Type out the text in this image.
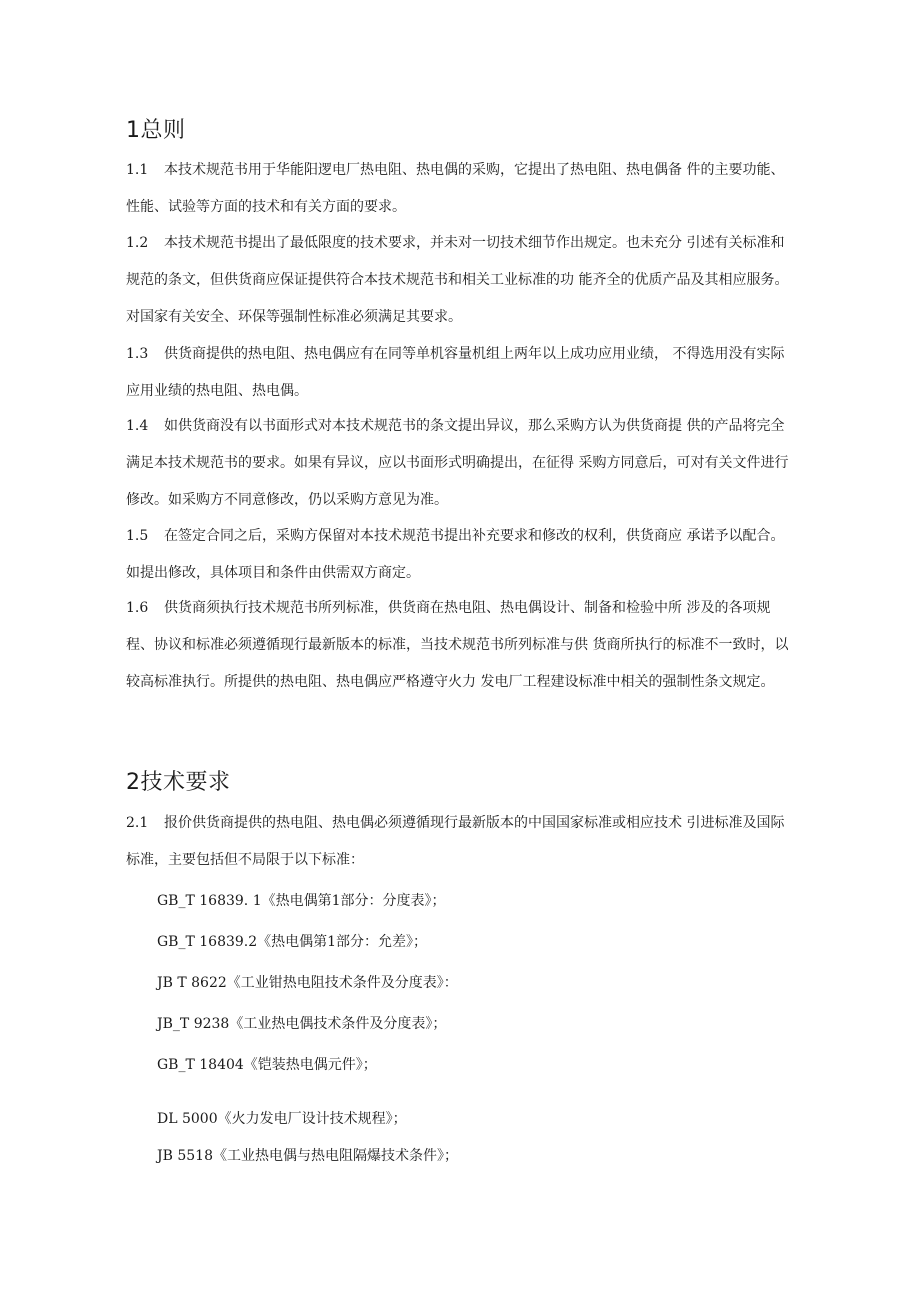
1总则

1.1 本技术规范书用于华能阳逻电厂热电阻、热电偶的采购，它提出了热电阻、热电偶备 件的主要功能、性能、试验等方面的技术和有关方面的要求。

1.2 本技术规范书提出了最低限度的技术要求，并未对一切技术细节作出规定。也未充分 引述有关标准和规范的条文，但供货商应保证提供符合本技术规范书和相关工业标准的功 能齐全的优质产品及其相应服务。对国家有关安全、环保等强制性标准必须满足其要求。

1.3 供货商提供的热电阻、热电偶应有在同等单机容量机组上两年以上成功应用业绩， 不得选用没有实际应用业绩的热电阻、热电偶。

1.4 如供货商没有以书面形式对本技术规范书的条文提出异议，那么采购方认为供货商提 供的产品将完全满足本技术规范书的要求。如果有异议，应以书面形式明确提出，在征得 采购方同意后，可对有关文件进行修改。如采购方不同意修改，仍以采购方意见为准。

1.5 在签定合同之后，采购方保留对本技术规范书提出补充要求和修改的权利，供货商应 承诺予以配合。如提出修改，具体项目和条件由供需双方商定。

1.6 供货商须执行技术规范书所列标准，供货商在热电阻、热电偶设计、制备和检验中所 涉及的各项规程、协议和标准必须遵循现行最新版本的标准，当技术规范书所列标准与供 货商所执行的标准不一致时，以较高标准执行。所提供的热电阻、热电偶应严格遵守火力 发电厂工程建设标准中相关的强制性条文规定。

2技术要求

2.1 报价供货商提供的热电阻、热电偶必须遵循现行最新版本的中国国家标准或相应技术 引进标准及国际标准，主要包括但不局限于以下标准：

GB_T 16839. 1《热电偶第1部分：分度表》；
GB_T 16839.2《热电偶第1部分：允差》；
JB T 8622《工业钳热电阻技术条件及分度表》：
JB_T 9238《工业热电偶技术条件及分度表》；
GB_T 18404《铠装热电偶元件》；
DL 5000《火力发电厂设计技术规程》；
JB 5518《工业热电偶与热电阻隔爆技术条件》；
